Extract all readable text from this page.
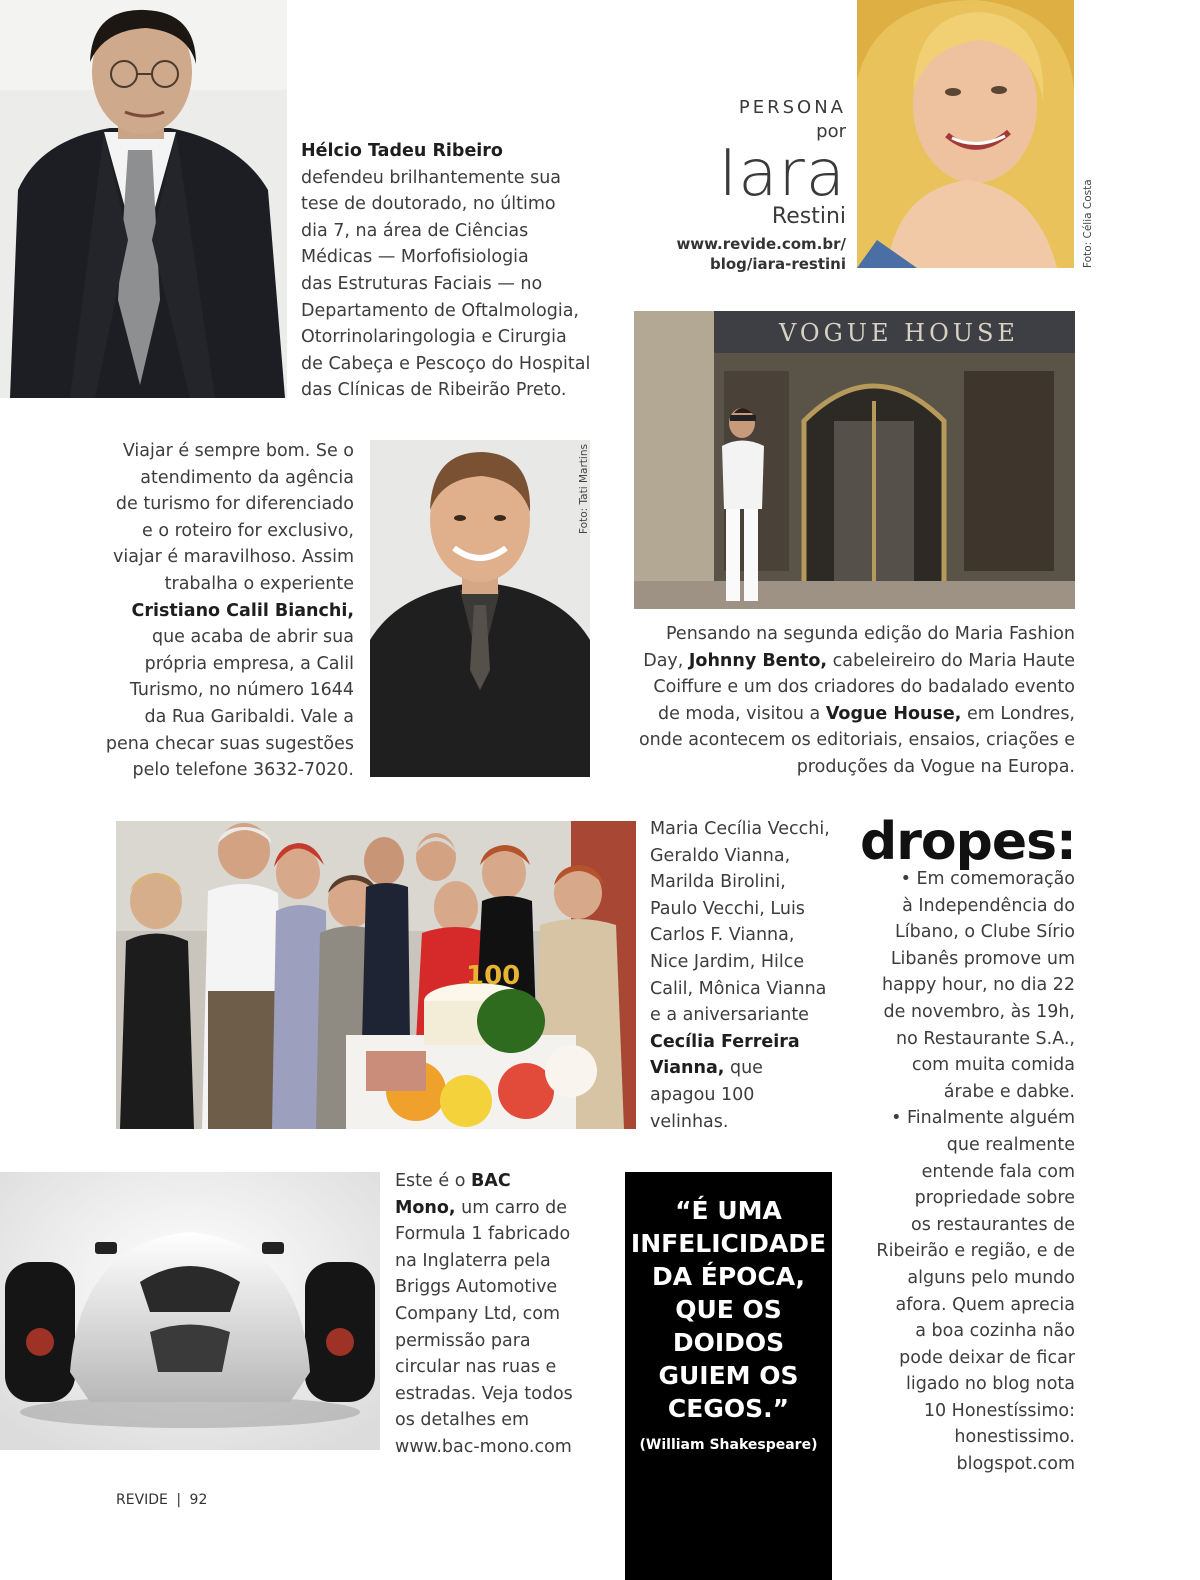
Hélcio Tadeu Ribeiro
defendeu brilhantemente sua
tese de doutorado, no último
dia 7, na área de Ciências
Médicas — Morfofisiologia
das Estruturas Faciais — no
Departamento de Oftalmologia,
Otorrinolaringologia e Cirurgia
de Cabeça e Pescoço do Hospital
das Clínicas de Ribeirão Preto.
PERSONA
por
Iara
Restini
www.revide.com.br/
blog/iara-restini	Foto: Célia Costa
VOGUE HOUSE
Viajar é sempre bom. Se o
atendimento da agência
de turismo for diferenciado
e o roteiro for exclusivo,
viajar é maravilhoso. Assim
trabalha o experiente
Cristiano Calil Bianchi,
que acaba de abrir sua
própria empresa, a Calil
Turismo, no número 1644
da Rua Garibaldi. Vale a
pena checar suas sugestões
pelo telefone 3632-7020.
Foto: Tati Martins
Pensando na segunda edição do Maria Fashion
Day, Johnny Bento, cabeleireiro do Maria Haute
Coiffure e um dos criadores do badalado evento
de moda, visitou a Vogue House, em Londres,
onde acontecem os editoriais, ensaios, criações e
produções da Vogue na Europa.
100
Maria Cecília Vecchi,
Geraldo Vianna,
Marilda Birolini,
Paulo Vecchi, Luis
Carlos F. Vianna,
Nice Jardim, Hilce
Calil, Mônica Vianna
e a aniversariante
Cecília Ferreira
Vianna, que
apagou 100
velinhas.
dropes:
• Em comemoração
à Independência do
Líbano, o Clube Sírio
Libanês promove um
happy hour, no dia 22
de novembro, às 19h,
no Restaurante S.A.,
com muita comida
árabe e dabke.
• Finalmente alguém
que realmente
entende fala com
propriedade sobre
os restaurantes de
Ribeirão e região, e de
alguns pelo mundo
afora. Quem aprecia
a boa cozinha não
pode deixar de ficar
ligado no blog nota
10 Honestíssimo:
honestissimo.
blogspot.com
Este é o BAC
Mono, um carro de
Formula 1 fabricado
na Inglaterra pela
Briggs Automotive
Company Ltd, com
permissão para
circular nas ruas e
estradas. Veja todos
os detalhes em
www.bac-mono.com
“É UMA
INFELICIDADE
DA ÉPOCA,
QUE OS
DOIDOS
GUIEM OS
CEGOS.”
(William Shakespeare)
REVIDE | 92
